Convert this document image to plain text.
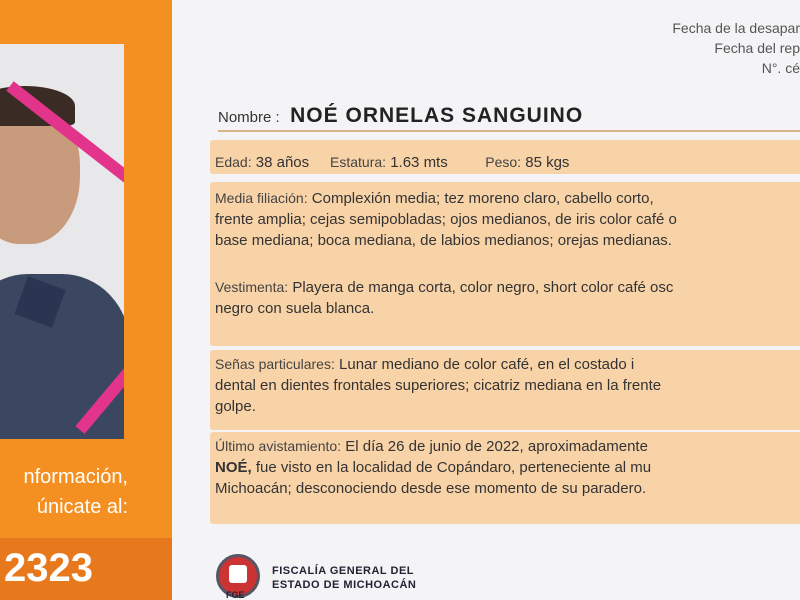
nformación,
únicate al:
2323
Fecha de la desapar
Fecha del rep
N°. cé
Nombre : NOÉ ORNELAS SANGUINO
Edad: 38 años Estatura: 1.63 mts	Peso: 85 kgs
Media filiación: Complexión media; tez moreno claro, cabello corto,
frente amplia; cejas semipobladas; ojos medianos, de iris color café o
base mediana; boca mediana, de labios medianos; orejas medianas.
Vestimenta: Playera de manga corta, color negro, short color café osc
negro con suela blanca.
Señas particulares: Lunar mediano de color café, en el costado i
dental en dientes frontales superiores; cicatriz mediana en la frente
golpe.
Último avistamiento: El día 26 de junio de 2022, aproximadamente
NOÉ, fue visto en la localidad de Copándaro, perteneciente al mu
Michoacán; desconociendo desde ese momento de su paradero.
FGE
FISCALÍA GENERAL DEL
ESTADO DE MICHOACÁN
